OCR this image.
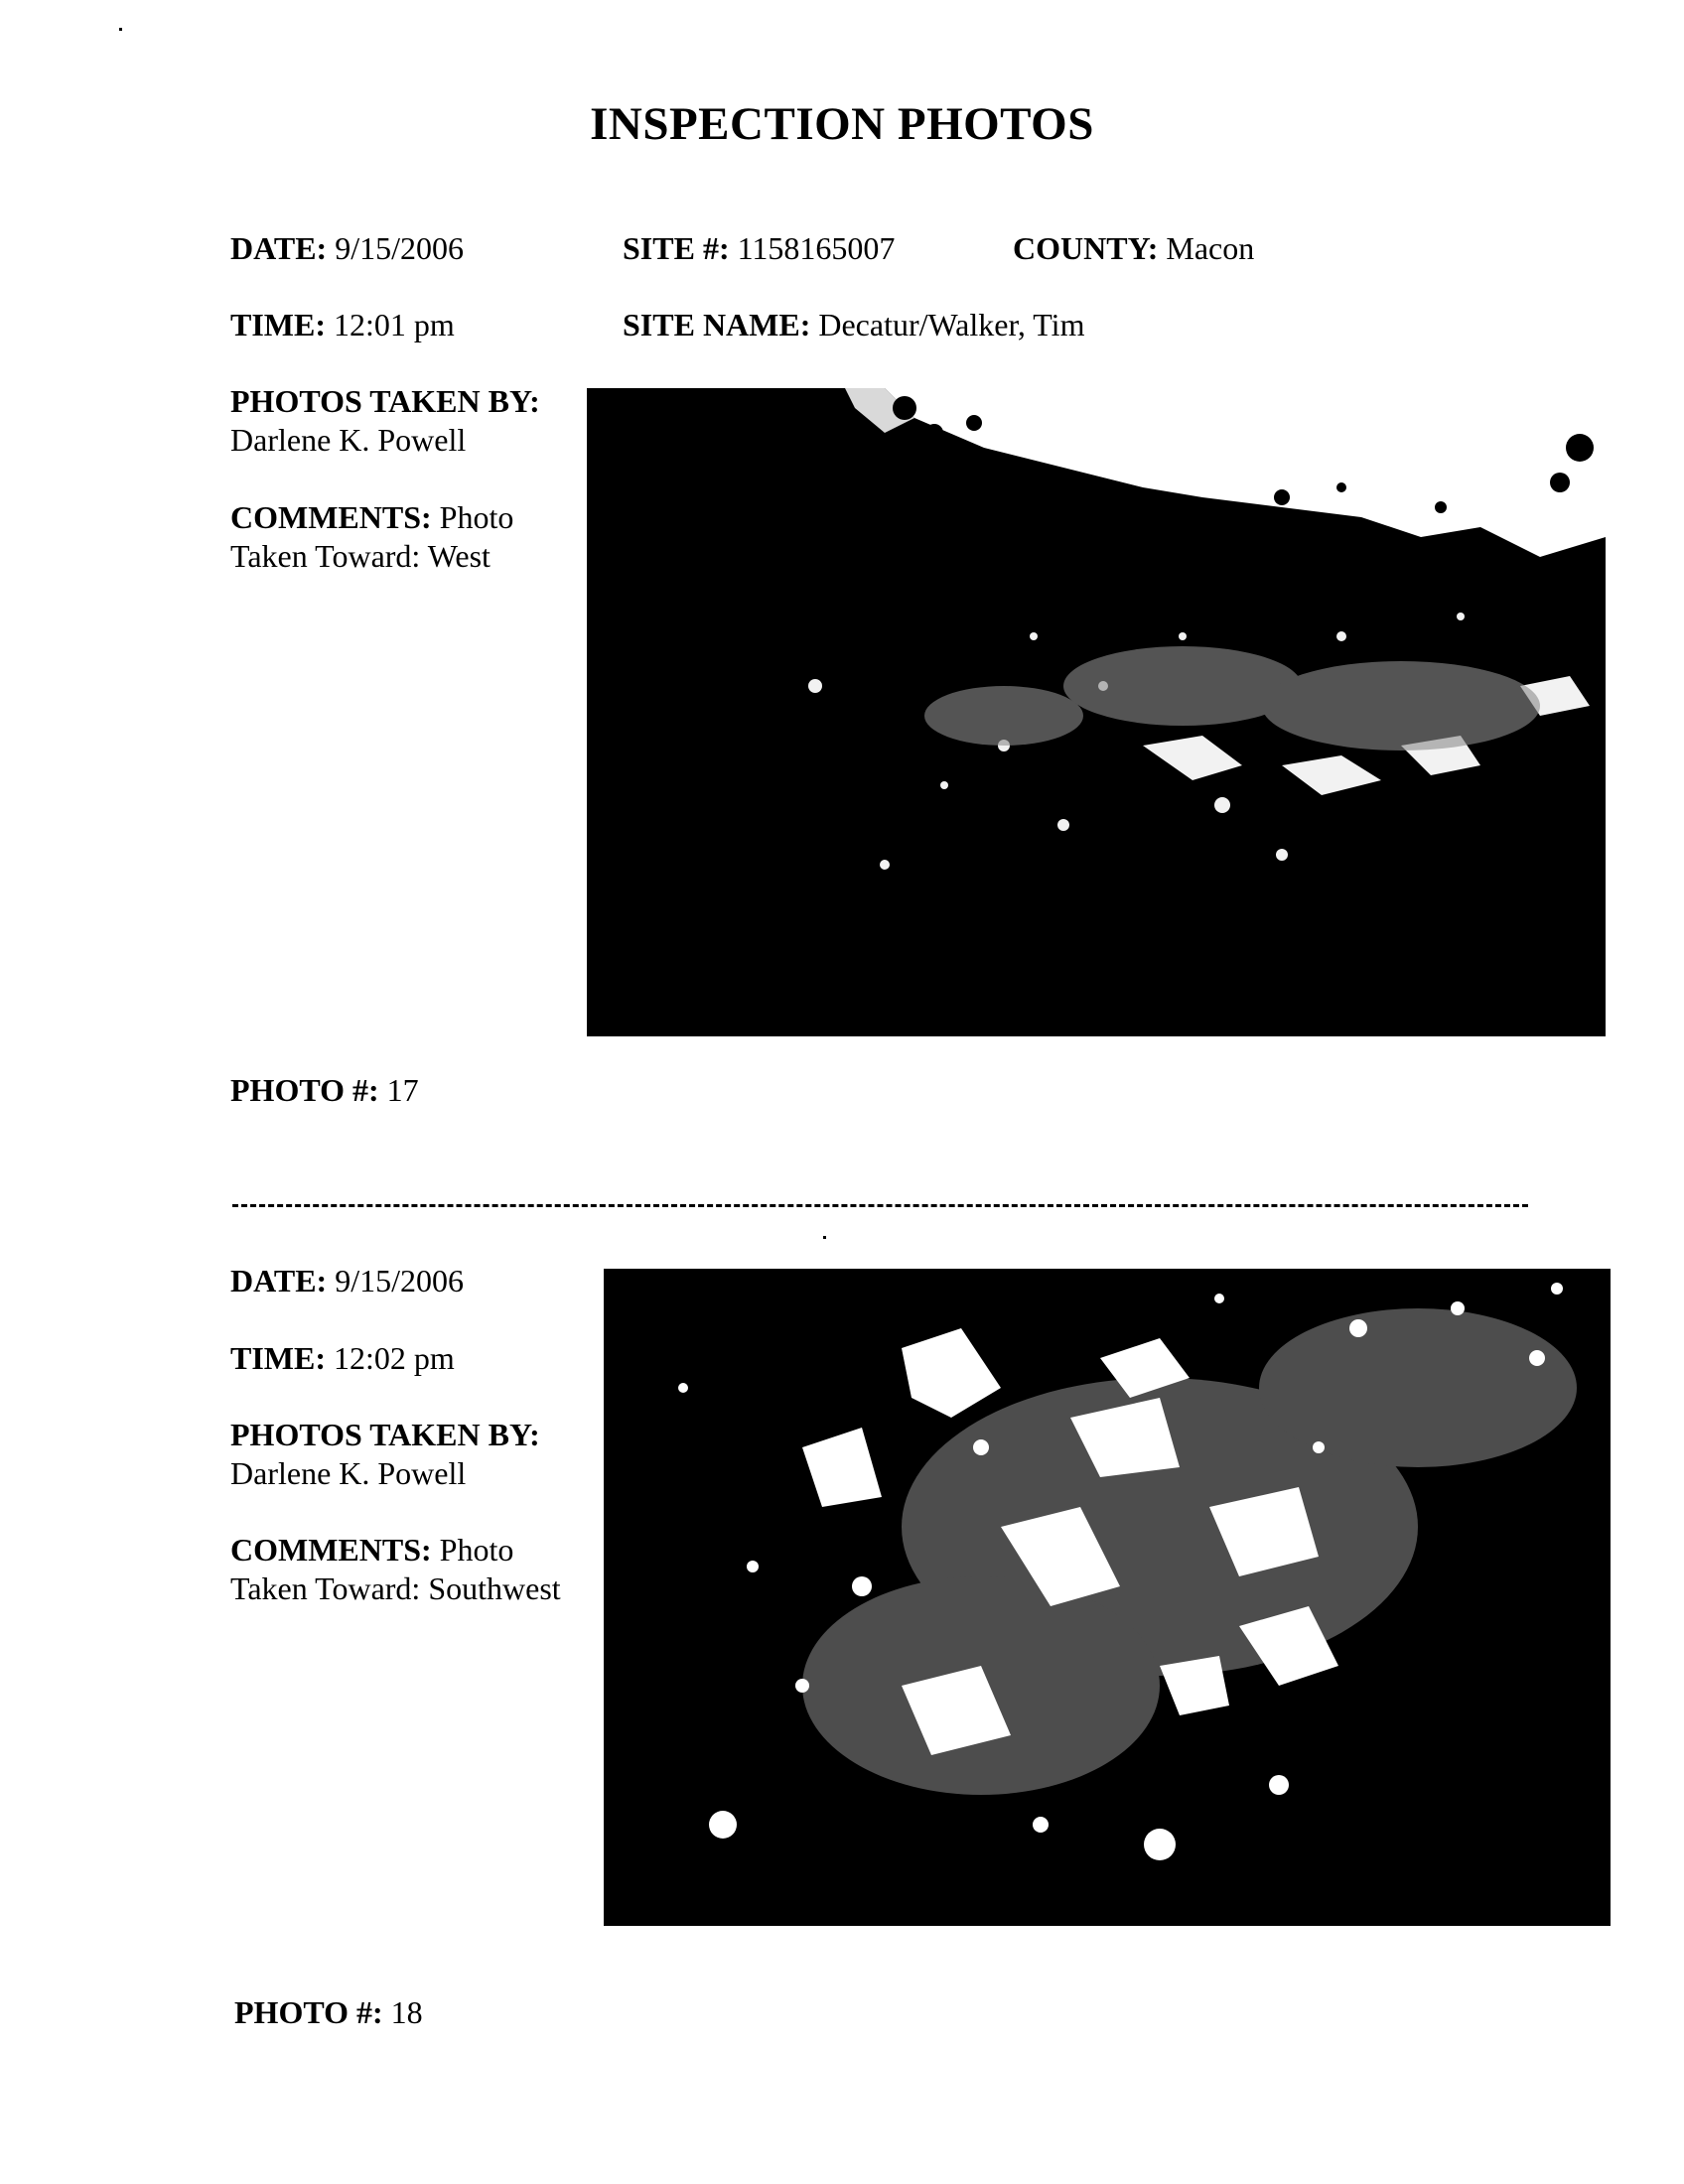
INSPECTION PHOTOS
DATE: 9/15/2006	SITE #: 1158165007	COUNTY: Macon
TIME: 12:01 pm	SITE NAME: Decatur/Walker, Tim
PHOTOS TAKEN BY:
Darlene K. Powell
COMMENTS: Photo
Taken Toward: West
PHOTO #: 17
DATE: 9/15/2006
TIME: 12:02 pm
PHOTOS TAKEN BY:
Darlene K. Powell
COMMENTS: Photo
Taken Toward: Southwest
PHOTO #: 18
